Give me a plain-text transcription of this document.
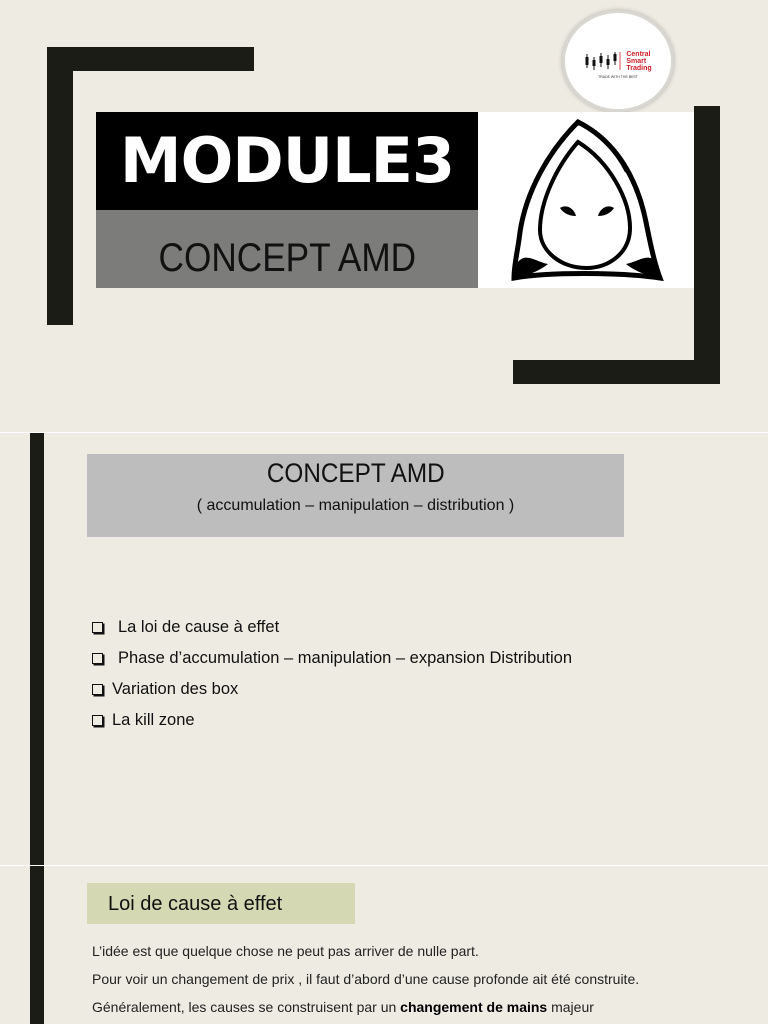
Central
Smart
Trading
TRADE WITH THE BEST
MODULE3
CONCEPT AMD
CONCEPT AMD
( accumulation – manipulation – distribution )
La loi de cause à effet
Phase d’accumulation – manipulation – expansion Distribution
Variation des box
La kill zone
Loi de cause à effet
L’idée est que quelque chose ne peut pas arriver de nulle part.
Pour voir un changement de prix , il faut d’abord d’une cause profonde ait été construite.
Généralement, les causes se construisent par un changement de mains majeur
